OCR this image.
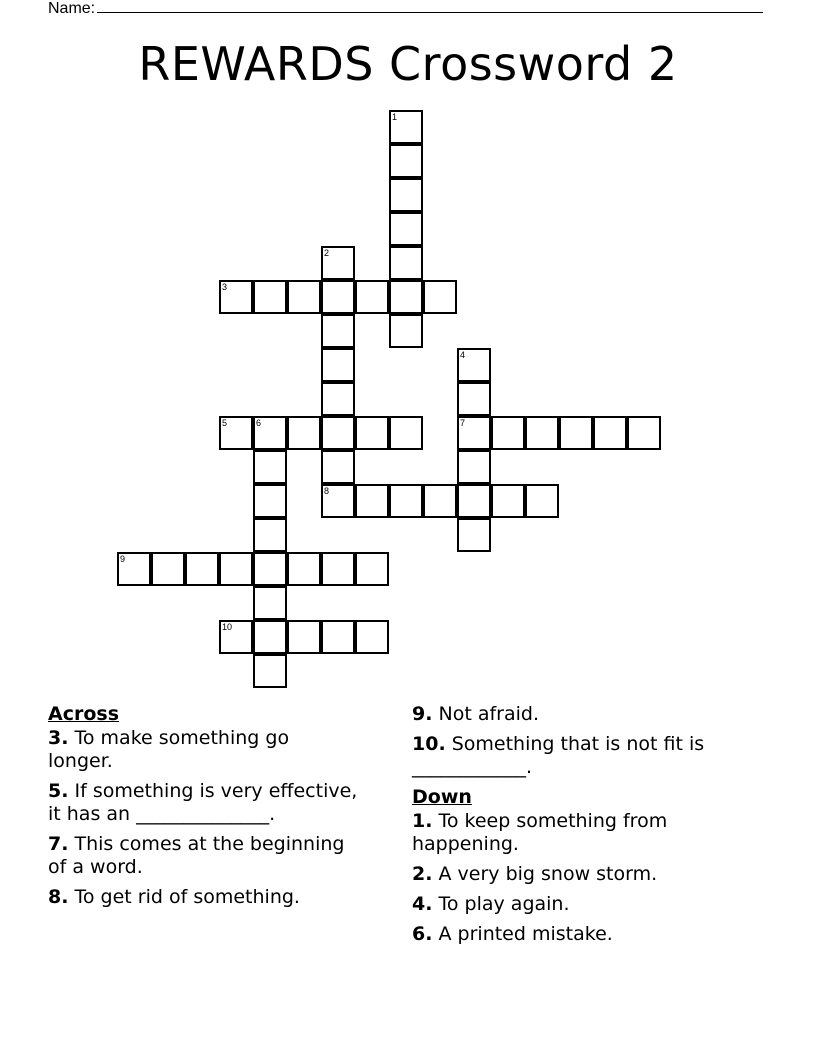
Name:
REWARDS Crossword 2
1
2
8
3
4
7
5	6
9
10
Across
3. To make something go longer.
5. If something is very effective, it has an ______________.
7. This comes at the beginning of a word.
8. To get rid of something.
9. Not afraid.
10. Something that is not fit is ____________.
Down
1. To keep something from happening.
2. A very big snow storm.
4. To play again.
6. A printed mistake.
